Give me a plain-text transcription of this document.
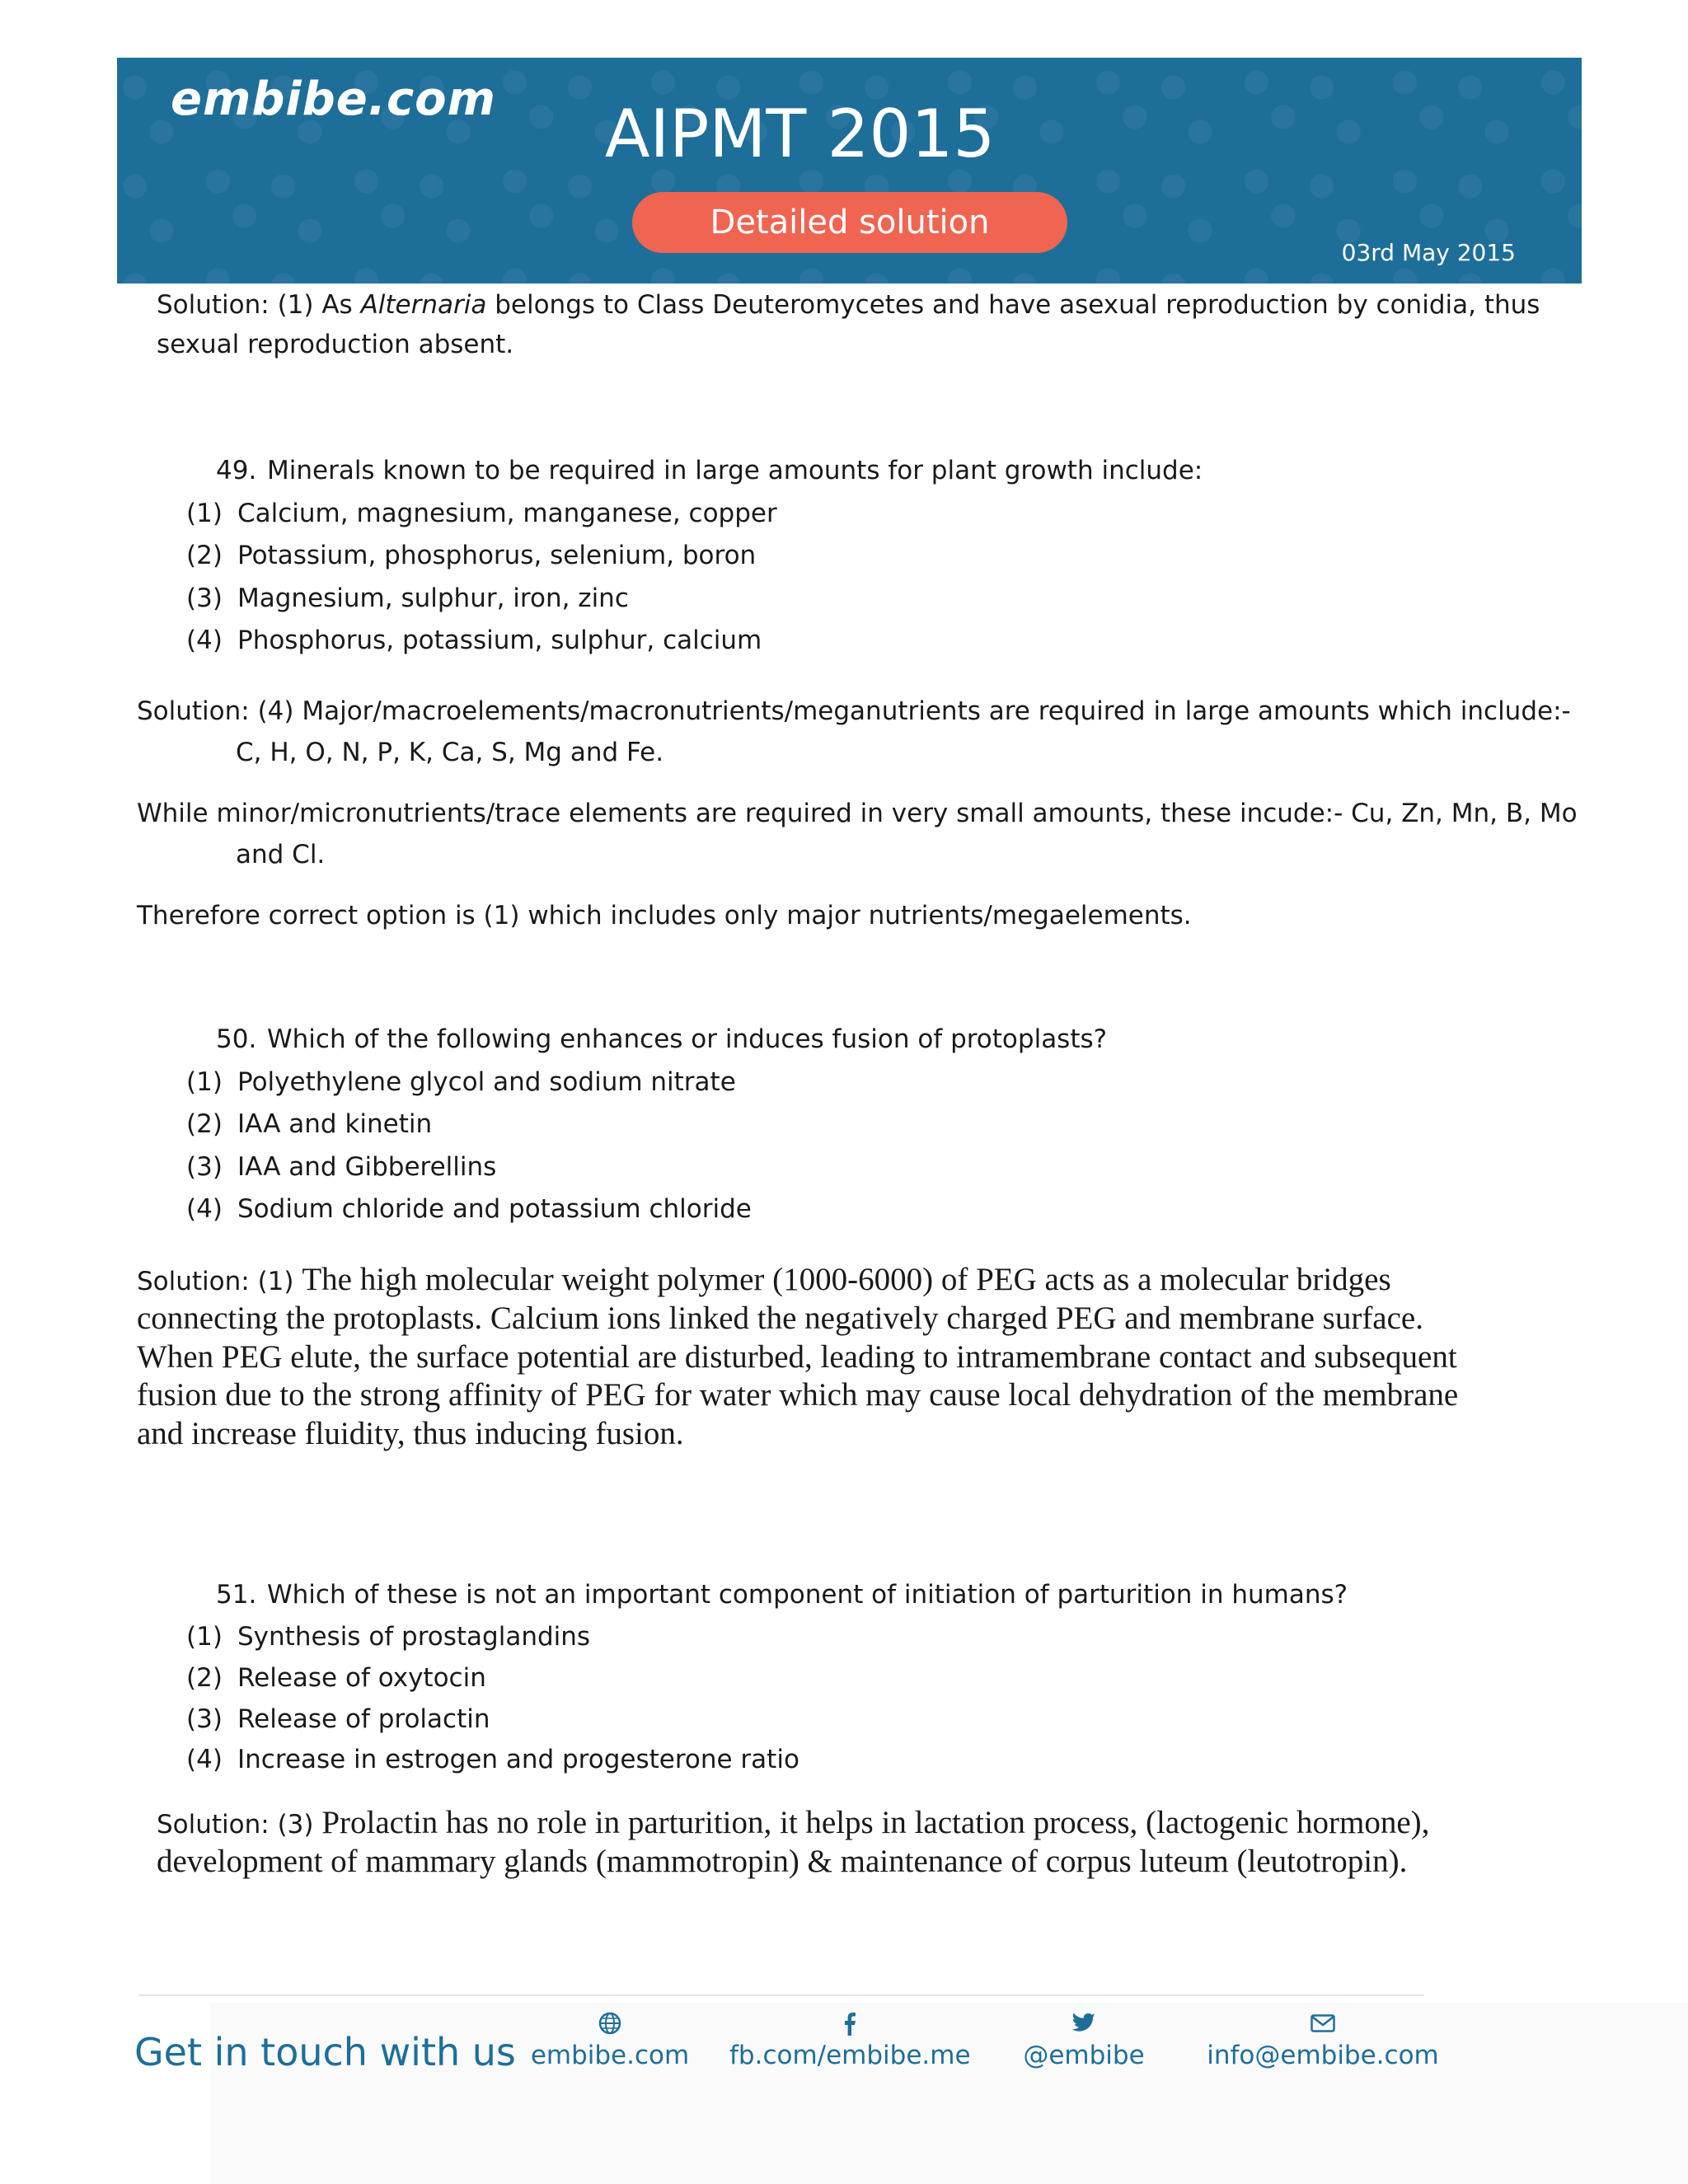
embibe.com	AIPMT 2015
Detailed solution
03rd May 2015
Solution: (1) As Alternaria belongs to Class Deuteromycetes and have asexual reproduction by conidia, thus
sexual reproduction absent.
49. Minerals known to be required in large amounts for plant growth include:
(1) Calcium, magnesium, manganese, copper
(2) Potassium, phosphorus, selenium, boron
(3) Magnesium, sulphur, iron, zinc
(4) Phosphorus, potassium, sulphur, calcium
Solution: (4) Major/macroelements/macronutrients/meganutrients are required in large amounts which include:-
C, H, O, N, P, K, Ca, S, Mg and Fe.
While minor/micronutrients/trace elements are required in very small amounts, these incude:- Cu, Zn, Mn, B, Mo
and Cl.
Therefore correct option is (1) which includes only major nutrients/megaelements.
50. Which of the following enhances or induces fusion of protoplasts?
(1) Polyethylene glycol and sodium nitrate
(2) IAA and kinetin
(3) IAA and Gibberellins
(4) Sodium chloride and potassium chloride
Solution: (1) The high molecular weight polymer (1000-6000) of PEG acts as a molecular bridges
connecting the protoplasts. Calcium ions linked the negatively charged PEG and membrane surface.
When PEG elute, the surface potential are disturbed, leading to intramembrane contact and subsequent
fusion due to the strong affinity of PEG for water which may cause local dehydration of the membrane
and increase fluidity, thus inducing fusion.
51. Which of these is not an important component of initiation of parturition in humans?
(1) Synthesis of prostaglandins
(2) Release of oxytocin
(3) Release of prolactin
(4) Increase in estrogen and progesterone ratio
Solution: (3) Prolactin has no role in parturition, it helps in lactation process, (lactogenic hormone),
development of mammary glands (mammotropin) & maintenance of corpus luteum (leutotropin).
Get in touch with us embibe.com fb.com/embibe.me	@embibe	info@embibe.com
